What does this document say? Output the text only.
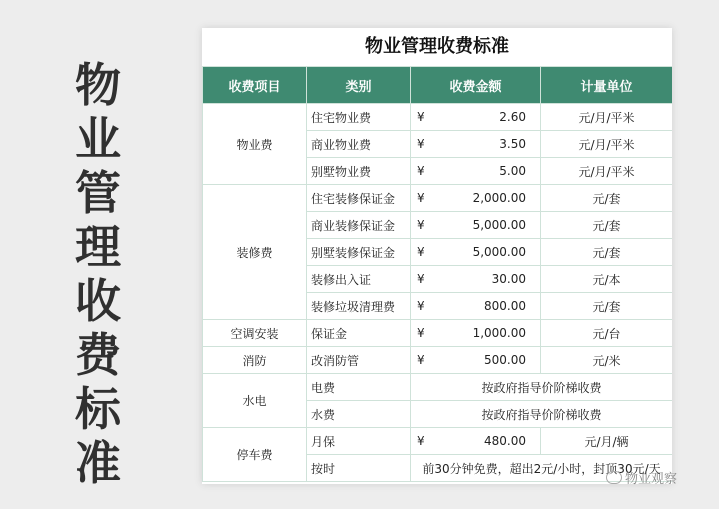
物
业
管
理
收
费
标
准
物业管理收费标准
收费项目	类别	收费金额	计量单位
物业费	住宅物业费	¥ 2.60	元/月/平米
	商业物业费	¥ 3.50	元/月/平米
	别墅物业费	¥ 5.00	元/月/平米
装修费	住宅装修保证金	¥ 2,000.00	元/套
	商业装修保证金	¥ 5,000.00	元/套
	别墅装修保证金	¥ 5,000.00	元/套
	装修出入证	¥ 30.00	元/本
	装修垃圾清理费	¥ 800.00	元/套
空调安装	保证金	¥ 1,000.00	元/台
消防	改消防管	¥ 500.00	元/米
水电	电费	按政府指导价阶梯收费	
	水费	按政府指导价阶梯收费	
停车费	月保	¥ 480.00	元/月/辆
	按时	前30分钟免费，超出2元/小时，封顶30元/天	
物业观察
